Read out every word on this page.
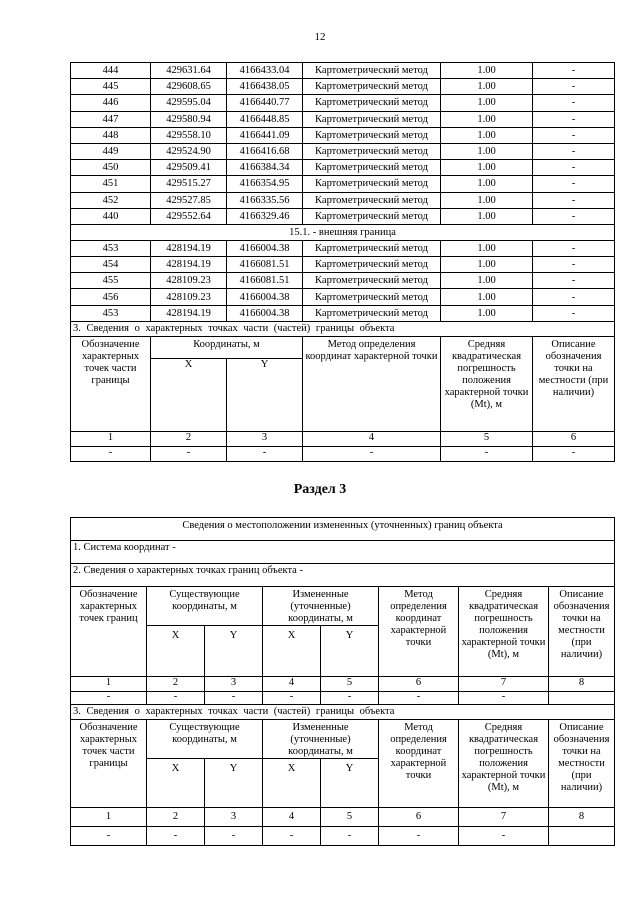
12
444	429631.64	4166433.04	Картометрический метод	1.00	-
445	429608.65	4166438.05	Картометрический метод	1.00	-
446	429595.04	4166440.77	Картометрический метод	1.00	-
447	429580.94	4166448.85	Картометрический метод	1.00	-
448	429558.10	4166441.09	Картометрический метод	1.00	-
449	429524.90	4166416.68	Картометрический метод	1.00	-
450	429509.41	4166384.34	Картометрический метод	1.00	-
451	429515.27	4166354.95	Картометрический метод	1.00	-
452	429527.85	4166335.56	Картометрический метод	1.00	-
440	429552.64	4166329.46	Картометрический метод	1.00	-
15.1. - внешняя граница					
453	428194.19	4166004.38	Картометрический метод	1.00	-
454	428194.19	4166081.51	Картометрический метод	1.00	-
455	428109.23	4166081.51	Картометрический метод	1.00	-
456	428109.23	4166004.38	Картометрический метод	1.00	-
453	428194.19	4166004.38	Картометрический метод	1.00	-
3. Сведения о характерных точках части (частей) границы объекта					
Обозначение характерных точек части границы	Координаты, м		Метод определения координат характерной точки	Средняя квадратическая погрешность положения характерной точки (Mt), м	Описание обозначения точки на местности (при наличии)
	X	Y			
1	2	3	4	5	6
-	-	-	-	-	-
Раздел 3
Сведения о местоположении измененных (уточненных) границ объекта							
1. Система координат -							
2. Сведения о характерных точках границ объекта -							
Обозначение характерных точек границ	Существующие координаты, м		Измененные (уточненные) координаты, м		Метод определения координат характерной точки	Средняя квадратическая погрешность положения характерной точки (Mt), м	Описание обозначения точки на местности (при наличии)
	X	Y	X	Y			
1	2	3	4	5	6	7	8
-	-	-	-	-	-	-	
3. Сведения о характерных точках части (частей) границы объекта							
Обозначение характерных точек части границы	Существующие координаты, м		Измененные (уточненные) координаты, м		Метод определения координат характерной точки	Средняя квадратическая погрешность положения характерной точки (Mt), м	Описание обозначения точки на местности (при наличии)
	X	Y	X	Y			
1	2	3	4	5	6	7	8
-	-	-	-	-	-	-	
